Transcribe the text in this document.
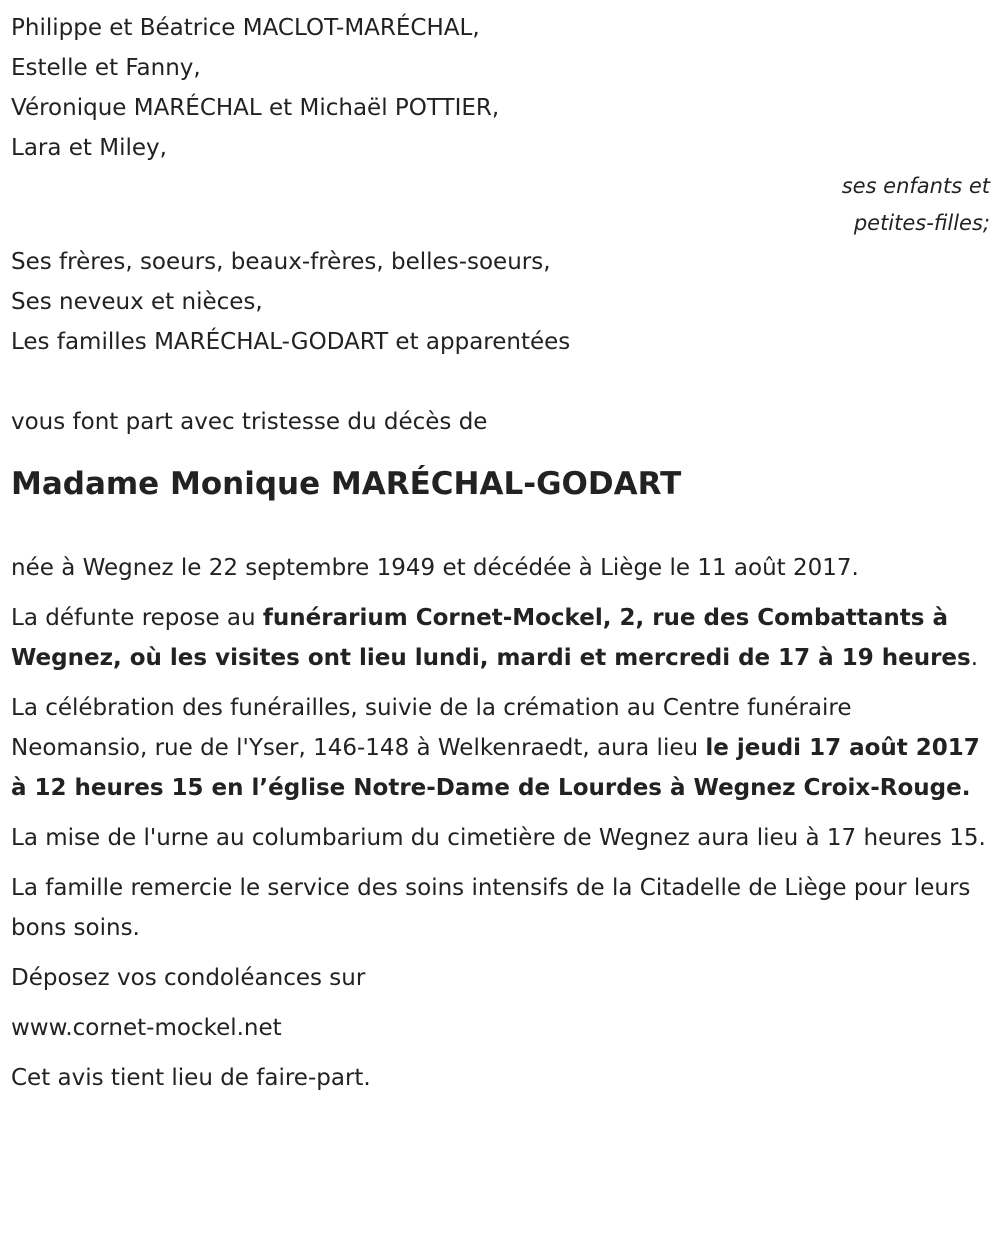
Philippe et Béatrice MACLOT-MARÉCHAL,
Estelle et Fanny,
Véronique MARÉCHAL et Michaël POTTIER,
Lara et Miley,
ses enfants et
petites-filles;
Ses frères, soeurs, beaux-frères, belles-soeurs,
Ses neveux et nièces,
Les familles MARÉCHAL-GODART et apparentées
vous font part avec tristesse du décès de
Madame Monique MARÉCHAL-GODART

née à Wegnez le 22 septembre 1949 et décédée à Liège le 11 août 2017.

La défunte repose au funérarium Cornet-Mockel, 2, rue des Combattants à Wegnez, où les visites ont lieu lundi, mardi et mercredi de 17 à 19 heures.

La célébration des funérailles, suivie de la crémation au Centre funéraire Neomansio, rue de l'Yser, 146-148 à Welkenraedt, aura lieu le jeudi 17 août 2017 à 12 heures 15 en l’église Notre-Dame de Lourdes à Wegnez Croix-Rouge.

La mise de l'urne au columbarium du cimetière de Wegnez aura lieu à 17 heures 15.

La famille remercie le service des soins intensifs de la Citadelle de Liège pour leurs bons soins.

Déposez vos condoléances sur

www.cornet-mockel.net

Cet avis tient lieu de faire-part.
